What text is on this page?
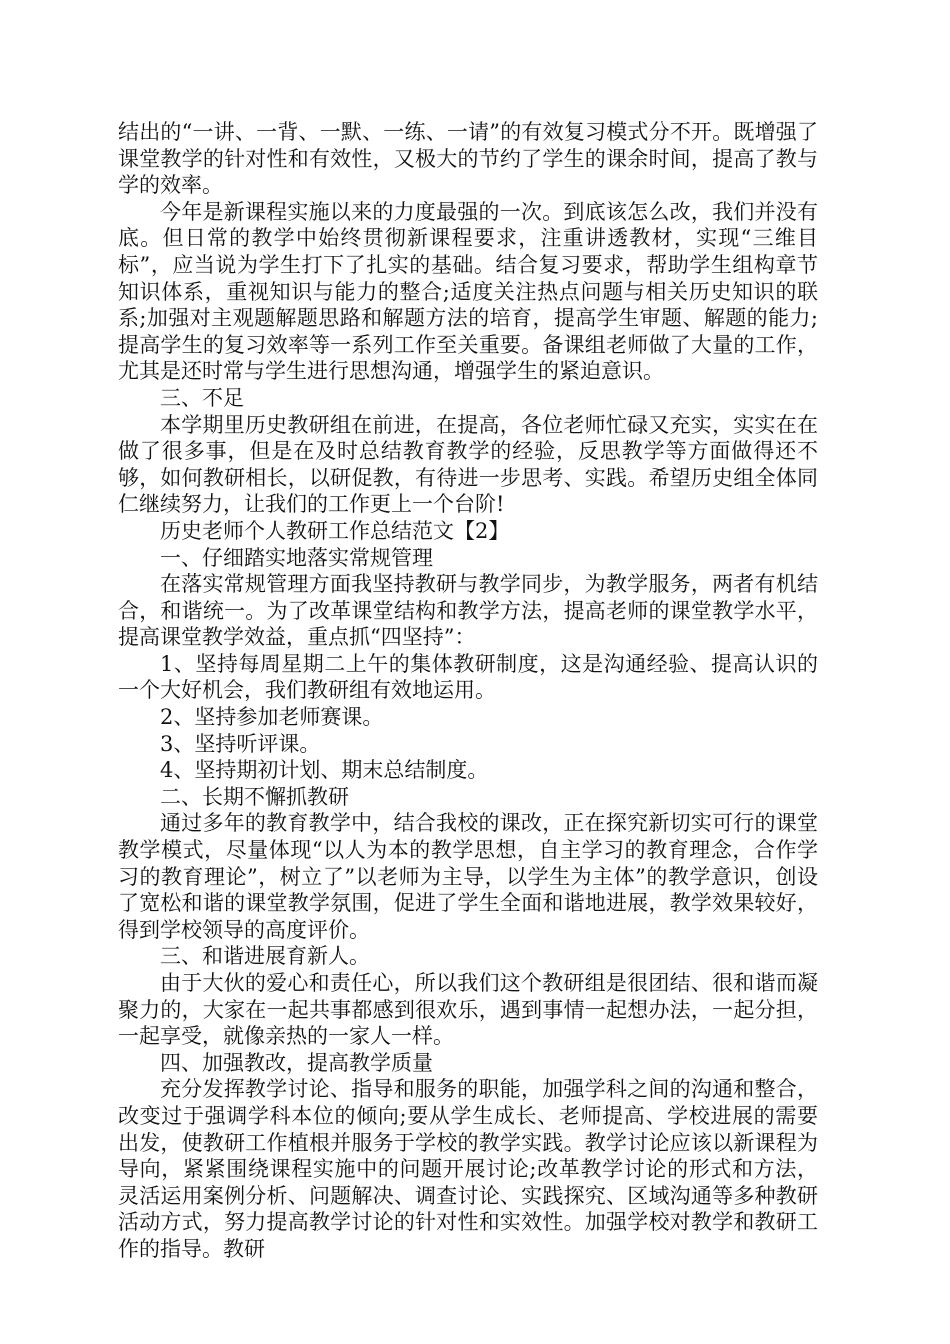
结出的“一讲、一背、一默、一练、一请”的有效复习模式分不开。既增强了课堂教学的针对性和有效性，又极大的节约了学生的课余时间，提高了教与学的效率。

今年是新课程实施以来的力度最强的一次。到底该怎么改，我们并没有底。但日常的教学中始终贯彻新课程要求，注重讲透教材，实现“三维目标”，应当说为学生打下了扎实的基础。结合复习要求，帮助学生组构章节知识体系，重视知识与能力的整合;适度关注热点问题与相关历史知识的联系;加强对主观题解题思路和解题方法的培育，提高学生审题、解题的能力;提高学生的复习效率等一系列工作至关重要。备课组老师做了大量的工作，尤其是还时常与学生进行思想沟通，增强学生的紧迫意识。

三、不足

本学期里历史教研组在前进，在提高，各位老师忙碌又充实，实实在在做了很多事，但是在及时总结教育教学的经验，反思教学等方面做得还不够，如何教研相长，以研促教，有待进一步思考、实践。希望历史组全体同仁继续努力，让我们的工作更上一个台阶!

历史老师个人教研工作总结范文【2】

一、仔细踏实地落实常规管理

在落实常规管理方面我坚持教研与教学同步，为教学服务，两者有机结合，和谐统一。为了改革课堂结构和教学方法，提高老师的课堂教学水平，提高课堂教学效益，重点抓“四坚持”：

1、坚持每周星期二上午的集体教研制度，这是沟通经验、提高认识的一个大好机会，我们教研组有效地运用。

2、坚持参加老师赛课。

3、坚持听评课。

4、坚持期初计划、期末总结制度。

二、长期不懈抓教研

通过多年的教育教学中，结合我校的课改，正在探究新切实可行的课堂教学模式，尽量体现“以人为本的教学思想，自主学习的教育理念，合作学习的教育理论”，树立了”以老师为主导，以学生为主体”的教学意识，创设了宽松和谐的课堂教学氛围，促进了学生全面和谐地进展，教学效果较好，得到学校领导的高度评价。

三、和谐进展育新人。

由于大伙的爱心和责任心，所以我们这个教研组是很团结、很和谐而凝聚力的，大家在一起共事都感到很欢乐，遇到事情一起想办法，一起分担，一起享受，就像亲热的一家人一样。

四、加强教改，提高教学质量

充分发挥教学讨论、指导和服务的职能，加强学科之间的沟通和整合，改变过于强调学科本位的倾向;要从学生成长、老师提高、学校进展的需要出发，使教研工作植根并服务于学校的教学实践。教学讨论应该以新课程为导向，紧紧围绕课程实施中的问题开展讨论;改革教学讨论的形式和方法，灵活运用案例分析、问题解决、调查讨论、实践探究、区域沟通等多种教研活动方式，努力提高教学讨论的针对性和实效性。加强学校对教学和教研工作的指导。教研
